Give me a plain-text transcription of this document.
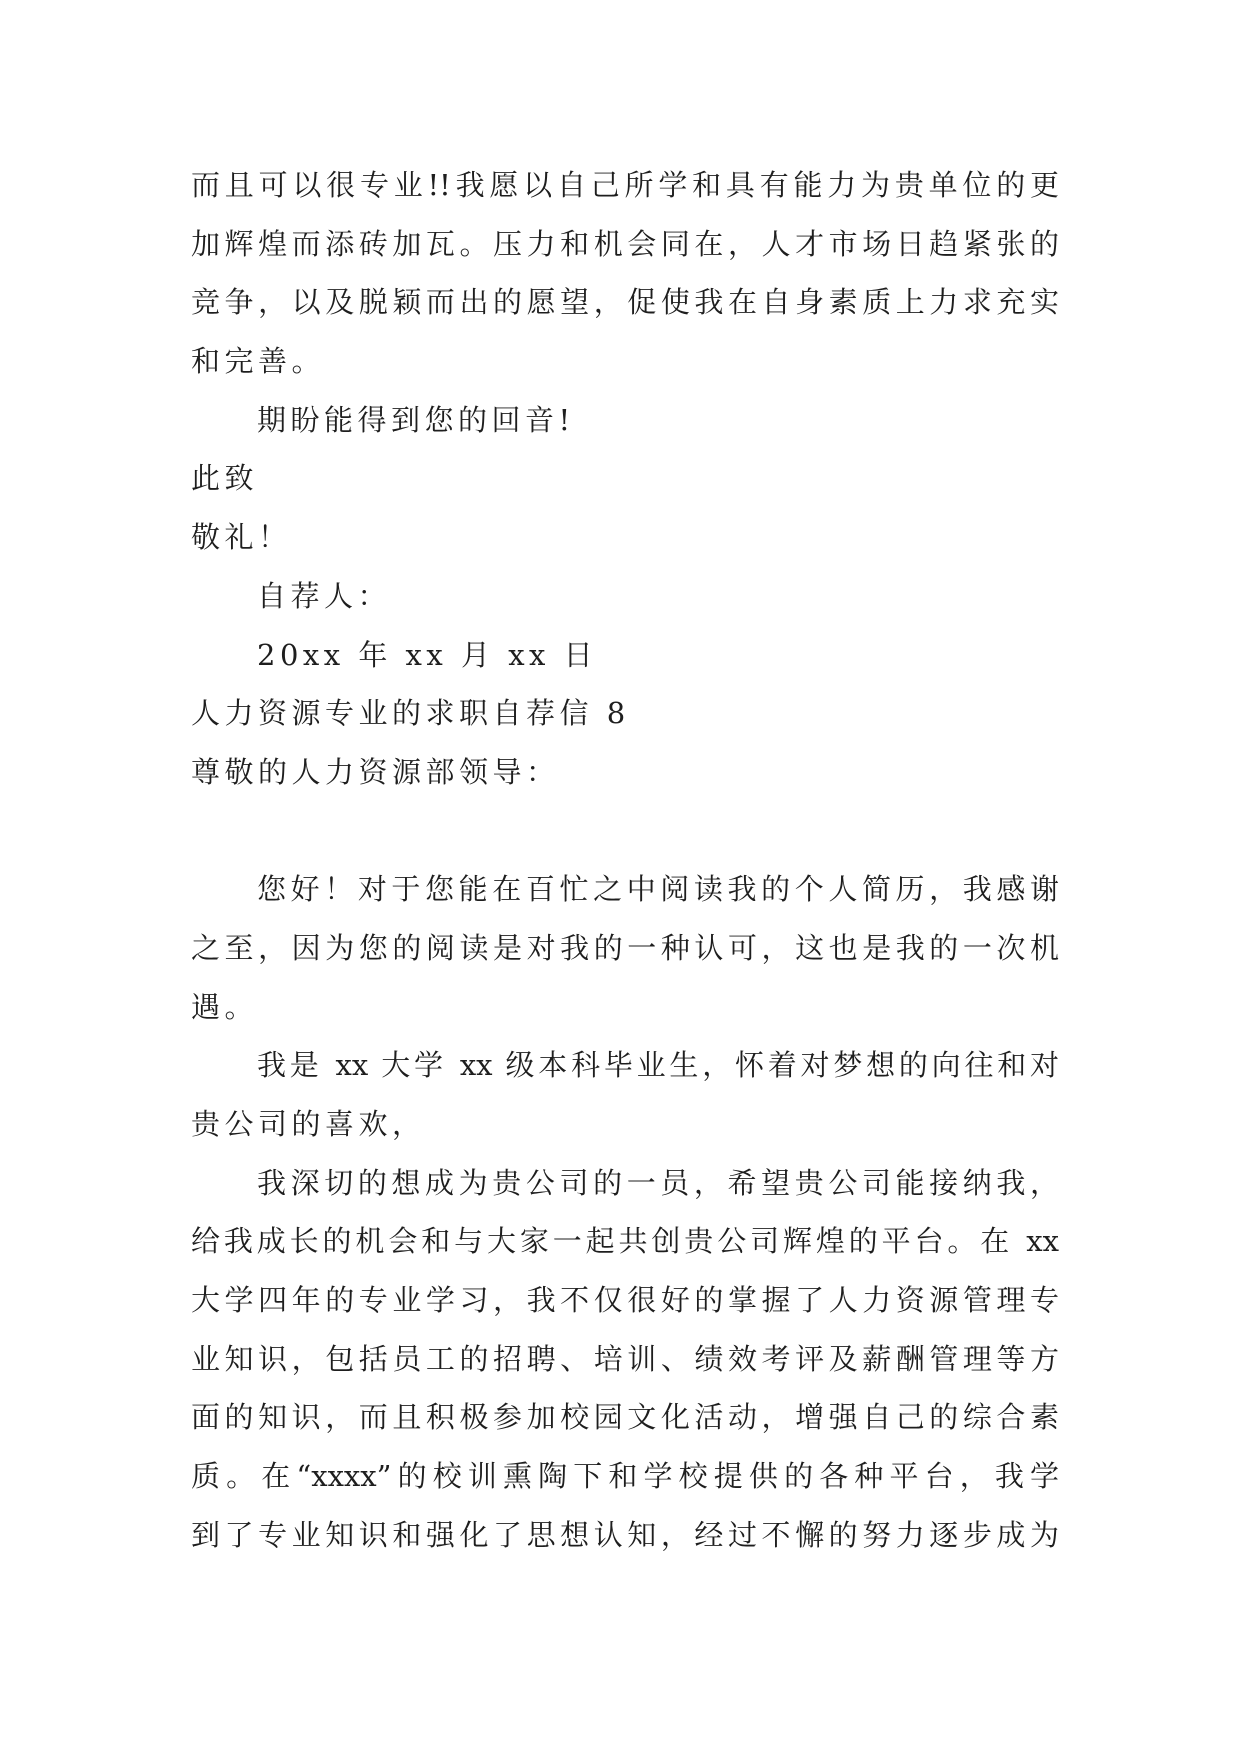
而且可以很专业!!我愿以自己所学和具有能力为贵单位的更
加辉煌而添砖加瓦。压力和机会同在，人才市场日趋紧张的
竞争，以及脱颖而出的愿望，促使我在自身素质上力求充实
和完善。
期盼能得到您的回音!
此致
敬礼！
自荐人：
20xx 年 xx 月 xx 日
人力资源专业的求职自荐信 8
尊敬的人力资源部领导：
您好！对于您能在百忙之中阅读我的个人简历，我感谢
之至，因为您的阅读是对我的一种认可，这也是我的一次机
遇。
我是 xx 大学 xx 级本科毕业生，怀着对梦想的向往和对
贵公司的喜欢，
我深切的想成为贵公司的一员，希望贵公司能接纳我，
给我成长的机会和与大家一起共创贵公司辉煌的平台。在 xx
大学四年的专业学习，我不仅很好的掌握了人力资源管理专
业知识，包括员工的招聘、培训、绩效考评及薪酬管理等方
面的知识，而且积极参加校园文化活动，增强自己的综合素
质。在“xxxx”的校训熏陶下和学校提供的各种平台，我学
到了专业知识和强化了思想认知，经过不懈的努力逐步成为
